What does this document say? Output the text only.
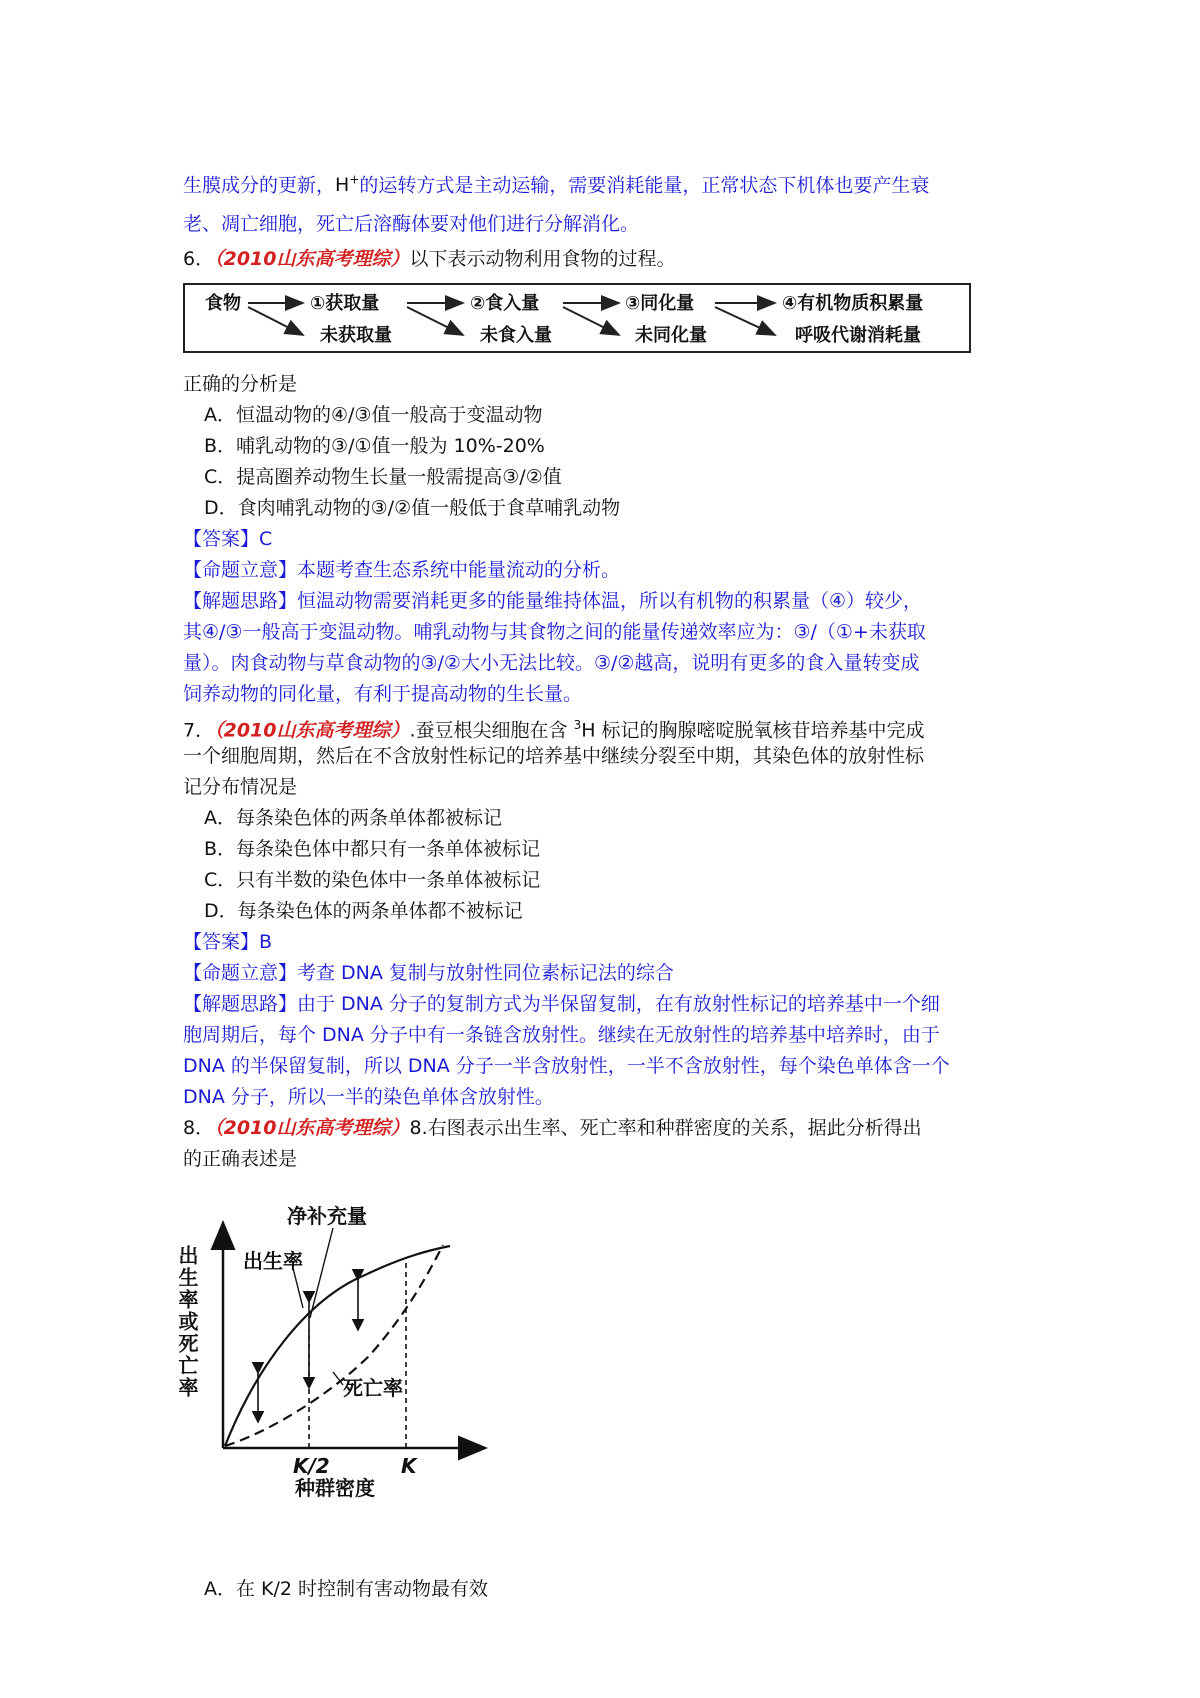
生膜成分的更新，H+的运转方式是主动运输，需要消耗能量，正常状态下机体也要产生衰
老、凋亡细胞，死亡后溶酶体要对他们进行分解消化。
6．（2010山东高考理综）以下表示动物利用食物的过程。
食物	①获取量	②食入量	③同化量	④有机物质积累量
未获取量	未食入量	未同化量	呼吸代谢消耗量
正确的分析是
A．恒温动物的④/③值一般高于变温动物
B．哺乳动物的③/①值一般为 10%-20%
C．提高圈养动物生长量一般需提高③/②值
D．食肉哺乳动物的③/②值一般低于食草哺乳动物
【答案】C
【命题立意】本题考查生态系统中能量流动的分析。
【解题思路】恒温动物需要消耗更多的能量维持体温，所以有机物的积累量（④）较少，
其④/③一般高于变温动物。哺乳动物与其食物之间的能量传递效率应为：③/（①+未获取
量）。肉食动物与草食动物的③/②大小无法比较。③/②越高，说明有更多的食入量转变成
饲养动物的同化量，有利于提高动物的生长量。
7．（2010山东高考理综）.蚕豆根尖细胞在含 $^3$H 标记的胸腺嘧啶脱氧核苷培养基中完成
一个细胞周期，然后在不含放射性标记的培养基中继续分裂至中期，其染色体的放射性标
记分布情况是
A．每条染色体的两条单体都被标记
B．每条染色体中都只有一条单体被标记
C．只有半数的染色体中一条单体被标记
D．每条染色体的两条单体都不被标记
【答案】B
【命题立意】考查 DNA 复制与放射性同位素标记法的综合
【解题思路】由于 DNA 分子的复制方式为半保留复制，在有放射性标记的培养基中一个细
胞周期后，每个 DNA 分子中有一条链含放射性。继续在无放射性的培养基中培养时，由于
DNA 的半保留复制，所以 DNA 分子一半含放射性，一半不含放射性，每个染色单体含一个
DNA 分子，所以一半的染色单体含放射性。
8．（2010山东高考理综）8.右图表示出生率、死亡率和种群密度的关系，据此分析得出
的正确表述是
出生率或死亡率
净补充量
出生率
死亡率
K/2	K
种群密度
A．在 K/2 时控制有害动物最有效
